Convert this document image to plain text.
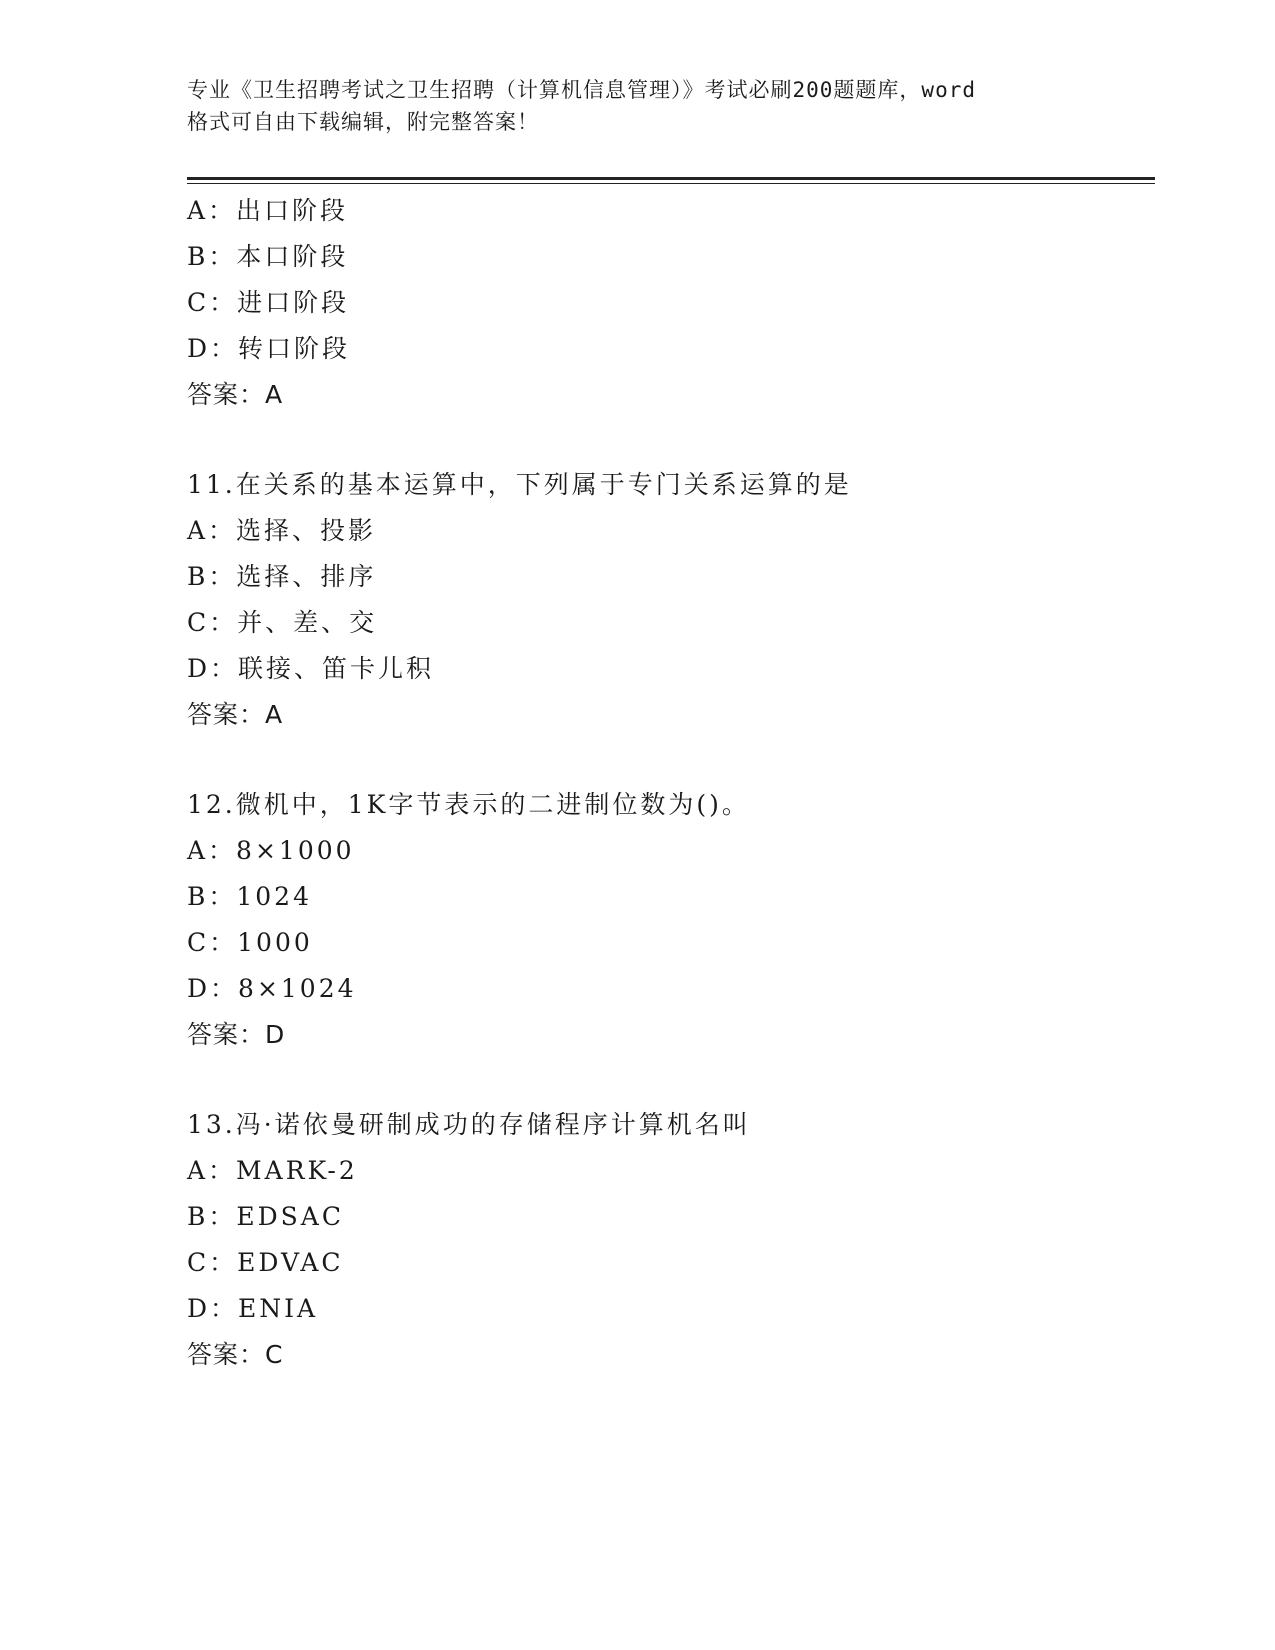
专业《卫生招聘考试之卫生招聘（计算机信息管理）》考试必刷200题题库，word
格式可自由下载编辑，附完整答案！
A：出口阶段
B：本口阶段
C：进口阶段
D：转口阶段
答案：A
11.在关系的基本运算中，下列属于专门关系运算的是
A：选择、投影
B：选择、排序
C：并、差、交
D：联接、笛卡儿积
答案：A
12.微机中，1K字节表示的二进制位数为()。
A：8×1000
B：1024
C：1000
D：8×1024
答案：D
13.冯·诺依曼研制成功的存储程序计算机名叫
A：MARK-2
B：EDSAC
C：EDVAC
D：ENIA
答案：C
